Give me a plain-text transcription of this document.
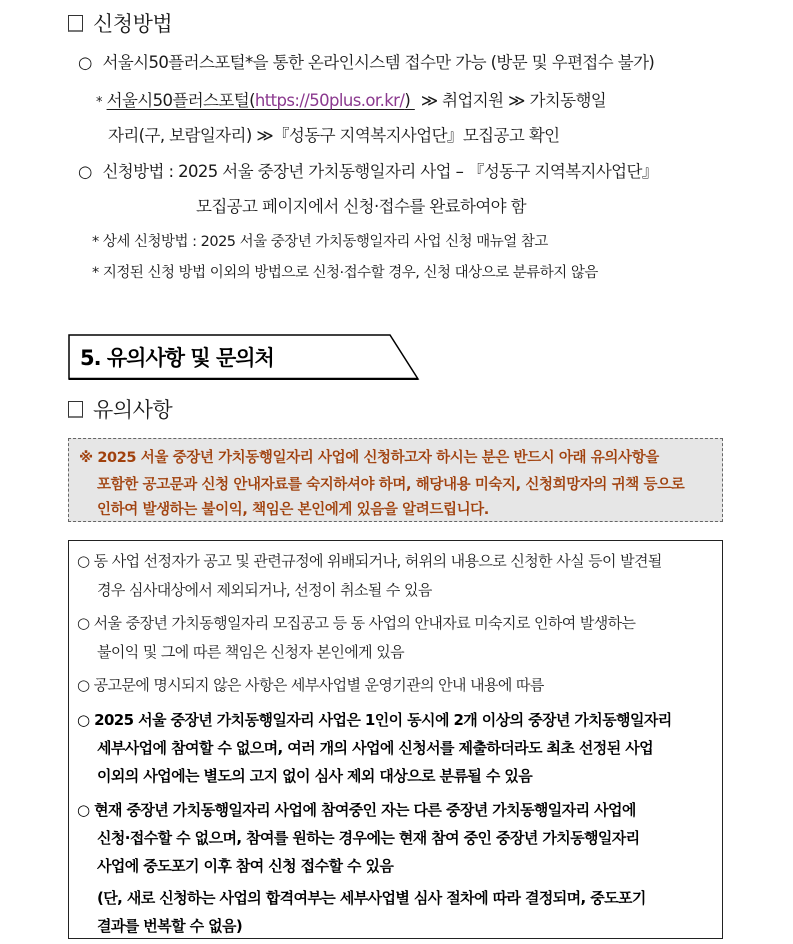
신청방법
○ 서울시50플러스포털*을 통한 온라인시스템 접수만 가능 (방문 및 우편접수 불가)
* 서울시50플러스포털(https://50plus.or.kr/) ≫ 취업지원 ≫ 가치동행일
자리(구, 보람일자리) ≫『성동구 지역복지사업단』모집공고 확인
○ 신청방법 : 2025 서울 중장년 가치동행일자리 사업 – 『성동구 지역복지사업단』
모집공고 페이지에서 신청·접수를 완료하여야 함
* 상세 신청방법 : 2025 서울 중장년 가치동행일자리 사업 신청 매뉴얼 참고
* 지정된 신청 방법 이외의 방법으로 신청·접수할 경우, 신청 대상으로 분류하지 않음
5. 유의사항 및 문의처
유의사항
※ 2025 서울 중장년 가치동행일자리 사업에 신청하고자 하시는 분은 반드시 아래 유의사항을
포함한 공고문과 신청 안내자료를 숙지하셔야 하며, 해당내용 미숙지, 신청희망자의 귀책 등으로
인하여 발생하는 불이익, 책임은 본인에게 있음을 알려드립니다.
○ 동 사업 선정자가 공고 및 관련규정에 위배되거나, 허위의 내용으로 신청한 사실 등이 발견될
경우 심사대상에서 제외되거나, 선정이 취소될 수 있음
○ 서울 중장년 가치동행일자리 모집공고 등 동 사업의 안내자료 미숙지로 인하여 발생하는
불이익 및 그에 따른 책임은 신청자 본인에게 있음
○ 공고문에 명시되지 않은 사항은 세부사업별 운영기관의 안내 내용에 따름
○ 2025 서울 중장년 가치동행일자리 사업은 1인이 동시에 2개 이상의 중장년 가치동행일자리
세부사업에 참여할 수 없으며, 여러 개의 사업에 신청서를 제출하더라도 최초 선정된 사업
이외의 사업에는 별도의 고지 없이 심사 제외 대상으로 분류될 수 있음
○ 현재 중장년 가치동행일자리 사업에 참여중인 자는 다른 중장년 가치동행일자리 사업에
신청·접수할 수 없으며, 참여를 원하는 경우에는 현재 참여 중인 중장년 가치동행일자리
사업에 중도포기 이후 참여 신청 접수할 수 있음
(단, 새로 신청하는 사업의 합격여부는 세부사업별 심사 절차에 따라 결정되며, 중도포기
결과를 번복할 수 없음)
